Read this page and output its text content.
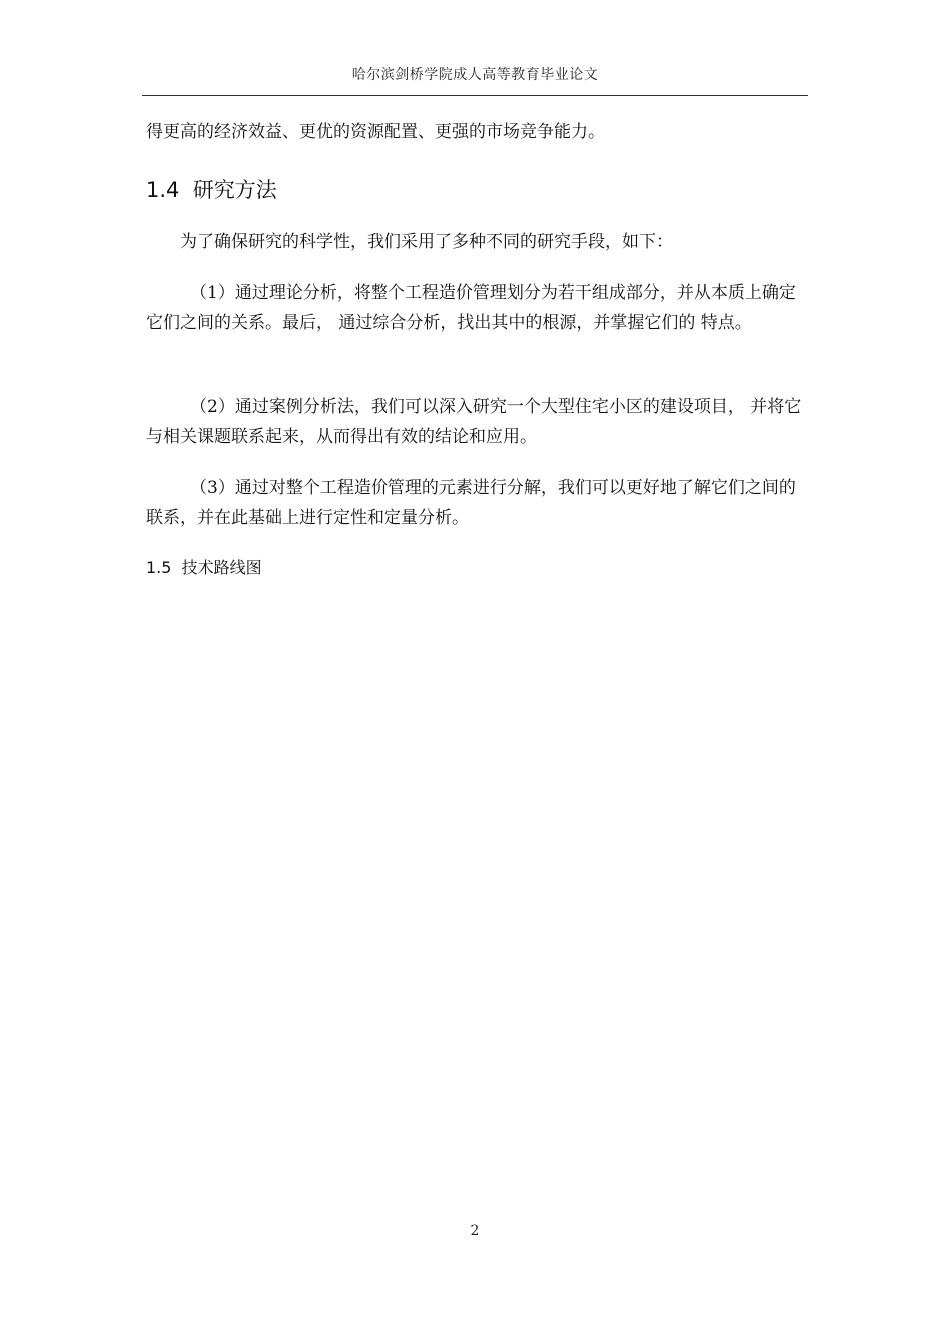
哈尔滨剑桥学院成人高等教育毕业论文
得更高的经济效益、更优的资源配置、更强的市场竞争能力。
1.4 研究方法
为了确保研究的科学性，我们采用了多种不同的研究手段，如下：
（1）通过理论分析，将整个工程造价管理划分为若干组成部分，并从本质上确定它们之间的关系。最后， 通过综合分析，找出其中的根源，并掌握它们的 特点。
（2）通过案例分析法，我们可以深入研究一个大型住宅小区的建设项目， 并将它与相关课题联系起来，从而得出有效的结论和应用。
（3）通过对整个工程造价管理的元素进行分解，我们可以更好地了解它们之间的联系，并在此基础上进行定性和定量分析。
1.5 技术路线图
2
